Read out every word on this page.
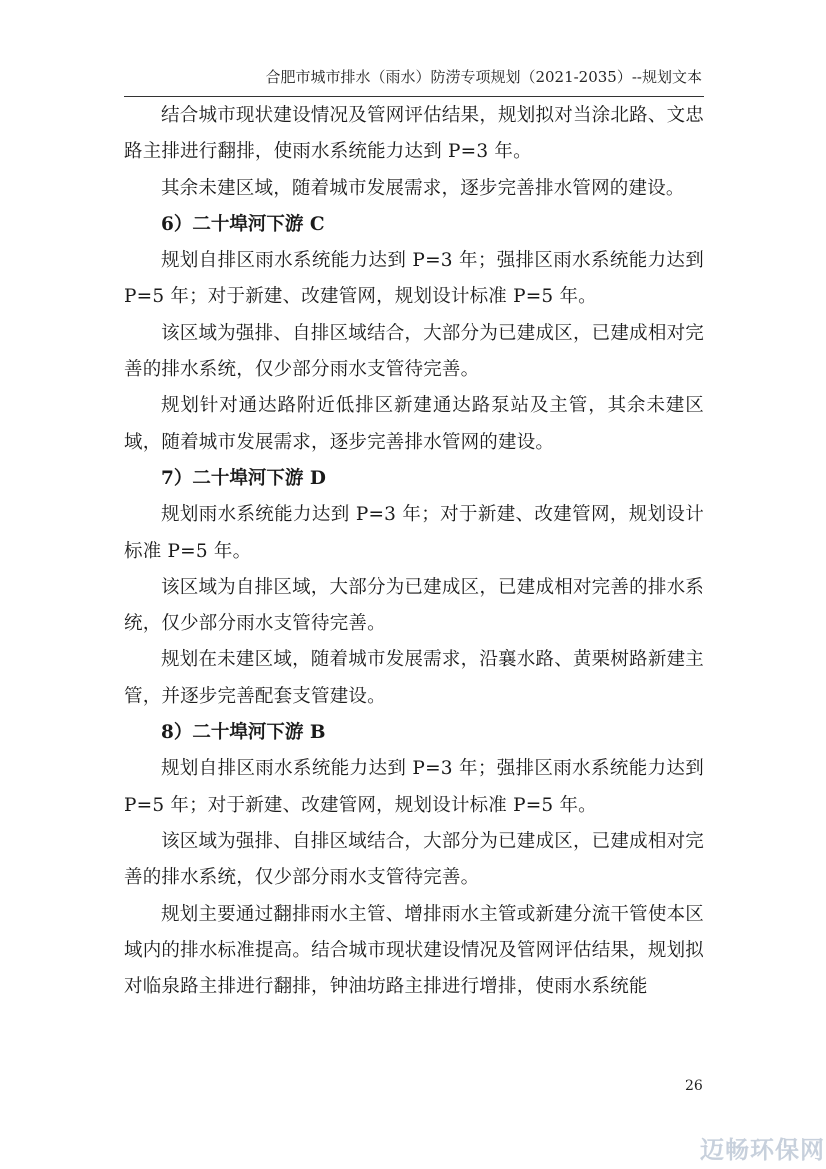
合肥市城市排水（雨水）防涝专项规划（2021-2035）--规划文本

结合城市现状建设情况及管网评估结果，规划拟对当涂北路、文忠路主排进行翻排，使雨水系统能力达到 P=3 年。

其余未建区域，随着城市发展需求，逐步完善排水管网的建设。

6）二十埠河下游 C

规划自排区雨水系统能力达到 P=3 年；强排区雨水系统能力达到 P=5 年；对于新建、改建管网，规划设计标准 P=5 年。

该区域为强排、自排区域结合，大部分为已建成区，已建成相对完善的排水系统，仅少部分雨水支管待完善。

规划针对通达路附近低排区新建通达路泵站及主管，其余未建区域，随着城市发展需求，逐步完善排水管网的建设。

7）二十埠河下游 D

规划雨水系统能力达到 P=3 年；对于新建、改建管网，规划设计标准 P=5 年。

该区域为自排区域，大部分为已建成区，已建成相对完善的排水系统，仅少部分雨水支管待完善。

规划在未建区域，随着城市发展需求，沿襄水路、黄栗树路新建主管，并逐步完善配套支管建设。

8）二十埠河下游 B

规划自排区雨水系统能力达到 P=3 年；强排区雨水系统能力达到 P=5 年；对于新建、改建管网，规划设计标准 P=5 年。

该区域为强排、自排区域结合，大部分为已建成区，已建成相对完善的排水系统，仅少部分雨水支管待完善。

规划主要通过翻排雨水主管、增排雨水主管或新建分流干管使本区域内的排水标准提高。结合城市现状建设情况及管网评估结果，规划拟对临泉路主排进行翻排，钟油坊路主排进行增排，使雨水系统能

26
迈畅环保网
